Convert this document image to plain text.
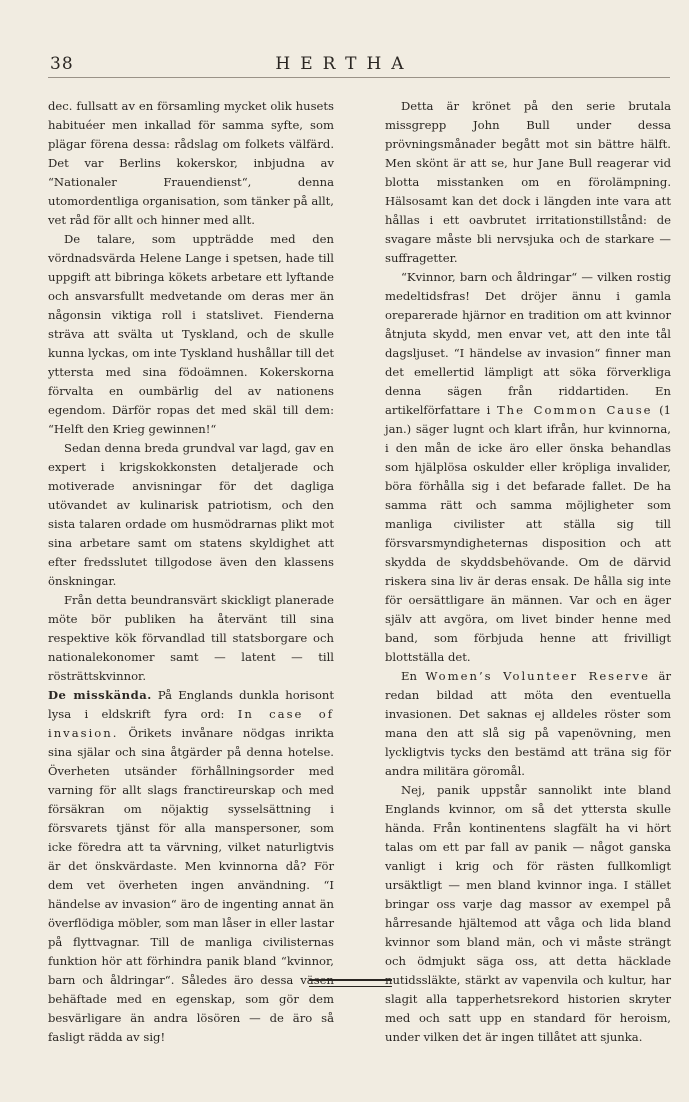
38	HERTHA

dec. fullsatt av en församling mycket olik husets habituéer men inkallad för samma syfte, som plägar förena dessa: rådslag om folkets välfärd. Det var Berlins kokerskor, inbjudna av “Nationaler Frauendienst“, denna utomordentliga organisation, som tänker på allt, vet råd för allt och hinner med allt.

De talare, som uppträdde med den vördnadsvärda Helene Lange i spetsen, hade till uppgift att bibringa kökets arbetare ett lyftande och ansvarsfullt medvetande om deras mer än någonsin viktiga roll i statslivet. Fienderna sträva att svälta ut Tyskland, och de skulle kunna lyckas, om inte Tyskland hushållar till det yttersta med sina födoämnen. Kokerskorna förvalta en oumbärlig del av nationens egendom. Därför ropas det med skäl till dem: “Helft den Krieg gewinnen!“

Sedan denna breda grundval var lagd, gav en expert i krigskokkonsten detaljerade och motiverade anvisningar för det dagliga utövandet av kulinarisk patriotism, och den sista talaren ordade om husmödrarnas plikt mot sina arbetare samt om statens skyldighet att efter fredsslutet tillgodose även den klassens önskningar.

Från detta beundransvärt skickligt planerade möte bör publiken ha återvänt till sina respektive kök förvandlad till statsborgare och nationalekonomer samt — latent — till rösträttskvinnor.

De misskända. På Englands dunkla horisont lysa i eldskrift fyra ord: In case of invasion. Örikets invånare nödgas inrikta sina själar och sina åtgärder på denna hotelse. Överheten utsänder förhållningsorder med varning för allt slags franctireurskap och med försäkran om nöjaktig sysselsättning i försvarets tjänst för alla manspersoner, som icke föredra att ta värvning, vilket naturligtvis är det önskvärdaste. Men kvinnorna då? För dem vet överheten ingen användning. “I händelse av invasion“ äro de ingenting annat än överflödiga möbler, som man låser in eller lastar på flyttvagnar. Till de manliga civilisternas funktion hör att förhindra panik bland “kvinnor, barn och åldringar“. Således äro dessa väsen behäftade med en egenskap, som gör dem besvärligare än andra lösören — de äro så fasligt rädda av sig!

Detta är krönet på den serie brutala missgrepp John Bull under dessa prövningsmånader begått mot sin bättre hälft. Men skönt är att se, hur Jane Bull reagerar vid blotta misstanken om en förolämpning. Hälsosamt kan det dock i längden inte vara att hållas i ett oavbrutet irritationstillstånd: de svagare måste bli nervsjuka och de starkare — suffragetter.

“Kvinnor, barn och åldringar“ — vilken rostig medeltidsfras! Det dröjer ännu i gamla oreparerade hjärnor en tradition om att kvinnor åtnjuta skydd, men envar vet, att den inte tål dagsljuset. “I händelse av invasion“ finner man det emellertid lämpligt att söka förverkliga denna sägen från riddartiden. En artikelförfattare i The Common Cause (1 jan.) säger lugnt och klart ifrån, hur kvinnorna, i den mån de icke äro eller önska behandlas som hjälplösa oskulder eller kröpliga invalider, böra förhålla sig i det befarade fallet. De ha samma rätt och samma möjligheter som manliga civilister att ställa sig till försvarsmyndigheternas disposition och att skydda de skyddsbehövande. Om de därvid riskera sina liv är deras ensak. De hålla sig inte för oersättligare än männen. Var och en äger själv att avgöra, om livet binder henne med band, som förbjuda henne att frivilligt blottställa det.

En Women’s Volunteer Reserve är redan bildad att möta den eventuella invasionen. Det saknas ej alldeles röster som mana den att slå sig på vapenövning, men lyckligtvis tycks den bestämd att träna sig för andra militära göromål.

Nej, panik uppstår sannolikt inte bland Englands kvinnor, om så det yttersta skulle hända. Från kontinentens slagfält ha vi hört talas om ett par fall av panik — något ganska vanligt i krig och för rästen fullkomligt ursäktligt — men bland kvinnor inga. I stället bringar oss varje dag massor av exempel på hårresande hjältemod att våga och lida bland kvinnor som bland män, och vi måste strängt och ödmjukt säga oss, att detta häcklade nutidssläkte, stärkt av vapenvila och kultur, har slagit alla tapperhetsrekord historien skryter med och satt upp en standard för heroism, under vilken det är ingen tillåtet att sjunka.
